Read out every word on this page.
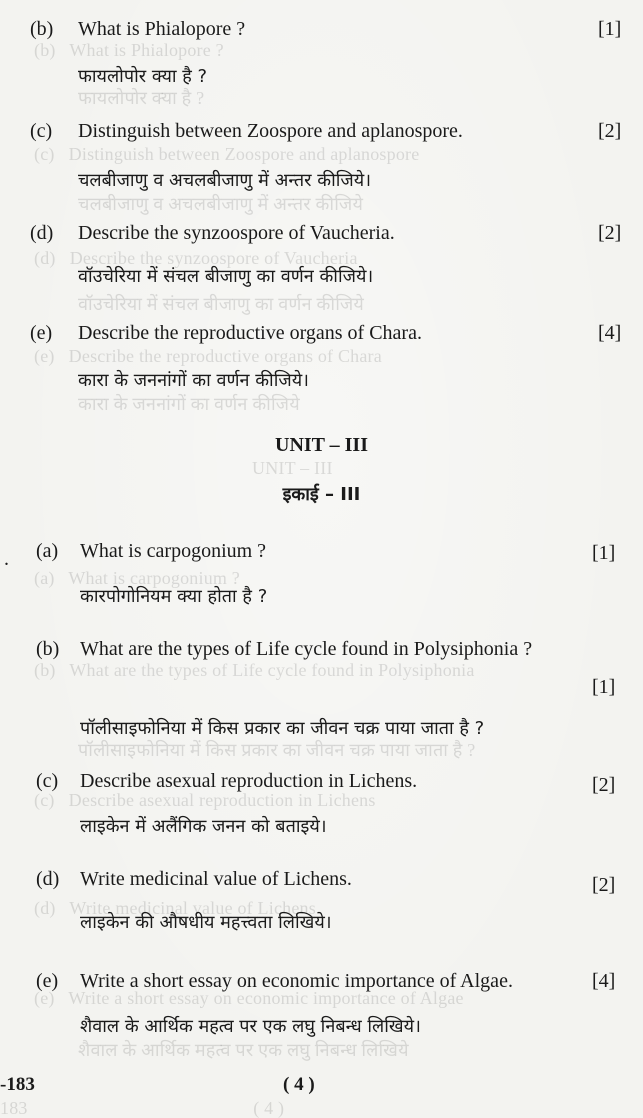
(b)   What is Phialopore ?
फायलोपोर क्या है ?
(c)   Distinguish between Zoospore and aplanospore
चलबीजाणु व अचलबीजाणु में अन्तर कीजिये
(d)   Describe the synzoospore of Vaucheria
वॉउचेरिया में संचल बीजाणु का वर्णन कीजिये
(e)   Describe the reproductive organs of Chara
कारा के जननांगों का वर्णन कीजिये
UNIT – III
(a)   What is carpogonium ?
(b)   What are the types of Life cycle found in Polysiphonia
पॉलीसाइफोनिया में किस प्रकार का जीवन चक्र पाया जाता है ?
(c)   Describe asexual reproduction in Lichens
(d)   Write medicinal value of Lichens
(e)   Write a short essay on economic importance of Algae
शैवाल के आर्थिक महत्व पर एक लघु निबन्ध लिखिये
183                                                ( 4 )
(b) What is Phialopore ?	[1]
फायलोपोर क्या है ?
(c) Distinguish between Zoospore and aplanospore.	[2]
चलबीजाणु व अचलबीजाणु में अन्तर कीजिये।
(d) Describe the synzoospore of Vaucheria.	[2]
वॉउचेरिया में संचल बीजाणु का वर्णन कीजिये।
(e) Describe the reproductive organs of Chara.	[4]
कारा के जननांगों का वर्णन कीजिये।
UNIT – III
इकाई – III
. (a) What is carpogonium ?	[1]
कारपोगोनियम क्या होता है ?
(b) What are the types of Life cycle found in Polysiphonia ?
[1]
पॉलीसाइफोनिया में किस प्रकार का जीवन चक्र पाया जाता है ?
(c) Describe asexual reproduction in Lichens.	[2]
लाइकेन में अलैंगिक जनन को बताइये।
(d) Write medicinal value of Lichens.	[2]
लाइकेन की औषधीय महत्त्वता लिखिये।
(e) Write a short essay on economic importance of Algae.	[4]
शैवाल के आर्थिक महत्व पर एक लघु निबन्ध लिखिये।
-183	( 4 )
